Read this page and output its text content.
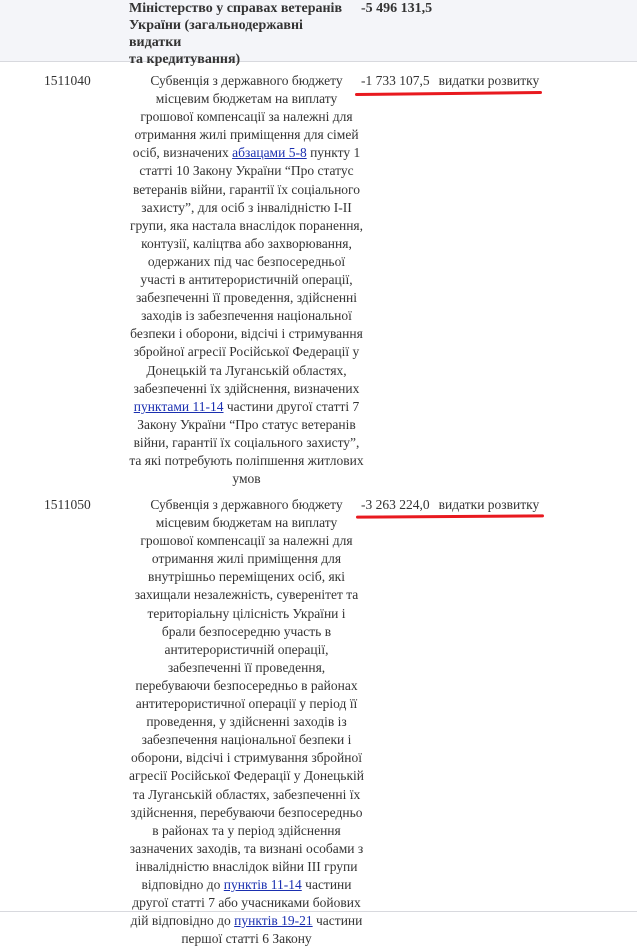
Міністерство у справах ветеранів
України (загальнодержавні видатки
та кредитування)
-5 496 131,5
1511040	Субвенція з державного бюджету місцевим бюджетам на виплату грошової компенсації за належні для отримання жилі приміщення для сімей осіб, визначених абзацами 5-8 пункту 1 статті 10 Закону України “Про статус ветеранів війни, гарантії їх соціального захисту”, для осіб з інвалідністю I-II групи, яка настала внаслідок поранення, контузії, каліцтва або захворювання, одержаних під час безпосередньої участі в антитерористичній операції, забезпеченні її проведення, здійсненні заходів із забезпечення національної безпеки і оборони, відсічі і стримування збройної агресії Російської Федерації у Донецькій та Луганській областях, забезпеченні їх здійснення, визначених пунктами 11-14 частини другої статті 7 Закону України “Про статус ветеранів війни, гарантії їх соціального захисту”, та які потребують поліпшення житлових умов
-1 733 107,5 видатки розвитку
1511050	Субвенція з державного бюджету місцевим бюджетам на виплату грошової компенсації за належні для отримання жилі приміщення для внутрішньо переміщених осіб, які захищали незалежність, суверенітет та територіальну цілісність України і брали безпосередню участь в антитерористичній операції, забезпеченні її проведення, перебуваючи безпосередньо в районах антитерористичної операції у період її проведення, у здійсненні заходів із забезпечення національної безпеки і оборони, відсічі і стримування збройної агресії Російської Федерації у Донецькій та Луганській областях, забезпеченні їх здійснення, перебуваючи безпосередньо в районах та у період здійснення зазначених заходів, та визнані особами з інвалідністю внаслідок війни III групи відповідно до пунктів 11-14 частини другої статті 7 або учасниками бойових дій відповідно до пунктів 19-21 частини першої статті 6 Закону
-3 263 224,0 видатки розвитку
